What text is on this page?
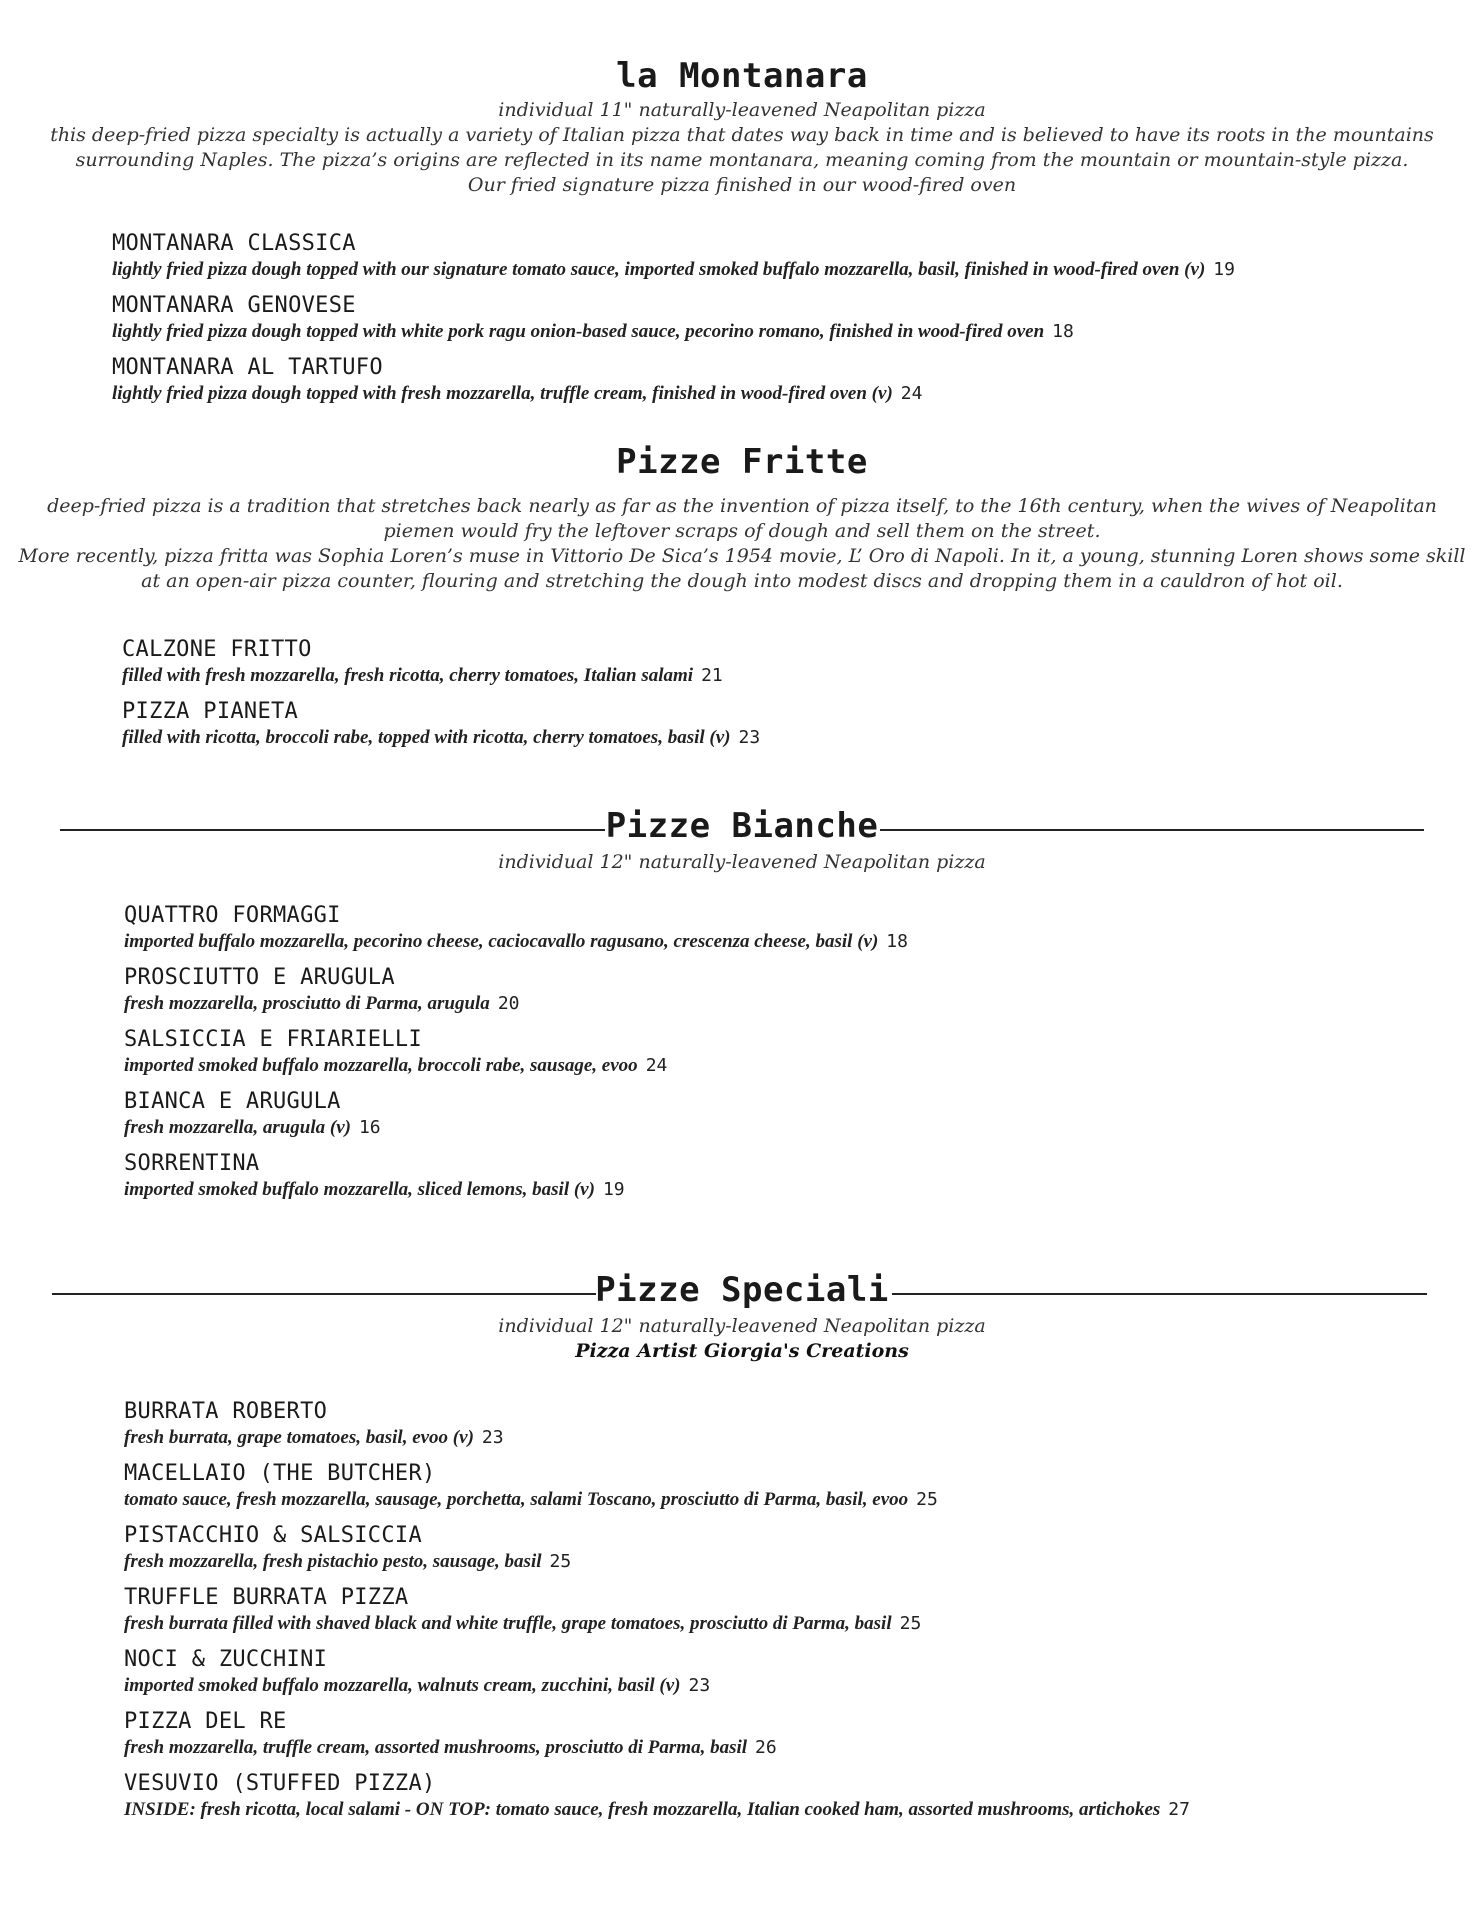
la Montanara

individual 11" naturally-leavened Neapolitan pizza

this deep-fried pizza specialty is actually a variety of Italian pizza that dates way back in time and is believed to have its roots in the mountains

surrounding Naples. The pizza’s origins are reflected in its name montanara, meaning coming from the mountain or mountain-style pizza.

Our fried signature pizza finished in our wood-fired oven

MONTANARA CLASSICA
lightly fried pizza dough topped with our signature tomato sauce, imported smoked buffalo mozzarella, basil, finished in wood-fired oven (v) 19
MONTANARA GENOVESE
lightly fried pizza dough topped with white pork ragu onion-based sauce, pecorino romano, finished in wood-fired oven 18
MONTANARA AL TARTUFO
lightly fried pizza dough topped with fresh mozzarella, truffle cream, finished in wood-fired oven (v) 24
Pizze Fritte

deep-fried pizza is a tradition that stretches back nearly as far as the invention of pizza itself, to the 16th century, when the wives of Neapolitan

piemen would fry the leftover scraps of dough and sell them on the street.

More recently, pizza fritta was Sophia Loren’s muse in Vittorio De Sica’s 1954 movie, L’ Oro di Napoli. In it, a young, stunning Loren shows some skill

at an open-air pizza counter, flouring and stretching the dough into modest discs and dropping them in a cauldron of hot oil.

CALZONE FRITTO
filled with fresh mozzarella, fresh ricotta, cherry tomatoes, Italian salami 21
PIZZA PIANETA
filled with ricotta, broccoli rabe, topped with ricotta, cherry tomatoes, basil (v) 23
Pizze Bianche

individual 12" naturally-leavened Neapolitan pizza

QUATTRO FORMAGGI
imported buffalo mozzarella, pecorino cheese, caciocavallo ragusano, crescenza cheese, basil (v) 18
PROSCIUTTO E ARUGULA
fresh mozzarella, prosciutto di Parma, arugula 20
SALSICCIA E FRIARIELLI
imported smoked buffalo mozzarella, broccoli rabe, sausage, evoo 24
BIANCA E ARUGULA
fresh mozzarella, arugula (v) 16
SORRENTINA
imported smoked buffalo mozzarella, sliced lemons, basil (v) 19
Pizze Speciali

individual 12" naturally-leavened Neapolitan pizza

Pizza Artist Giorgia's Creations

BURRATA ROBERTO
fresh burrata, grape tomatoes, basil, evoo (v) 23
MACELLAIO (THE BUTCHER)
tomato sauce, fresh mozzarella, sausage, porchetta, salami Toscano, prosciutto di Parma, basil, evoo 25
PISTACCHIO & SALSICCIA
fresh mozzarella, fresh pistachio pesto, sausage, basil 25
TRUFFLE BURRATA PIZZA
fresh burrata filled with shaved black and white truffle, grape tomatoes, prosciutto di Parma, basil 25
NOCI & ZUCCHINI
imported smoked buffalo mozzarella, walnuts cream, zucchini, basil (v) 23
PIZZA DEL RE
fresh mozzarella, truffle cream, assorted mushrooms, prosciutto di Parma, basil 26
VESUVIO (STUFFED PIZZA)
INSIDE: fresh ricotta, local salami - ON TOP: tomato sauce, fresh mozzarella, Italian cooked ham, assorted mushrooms, artichokes 27
